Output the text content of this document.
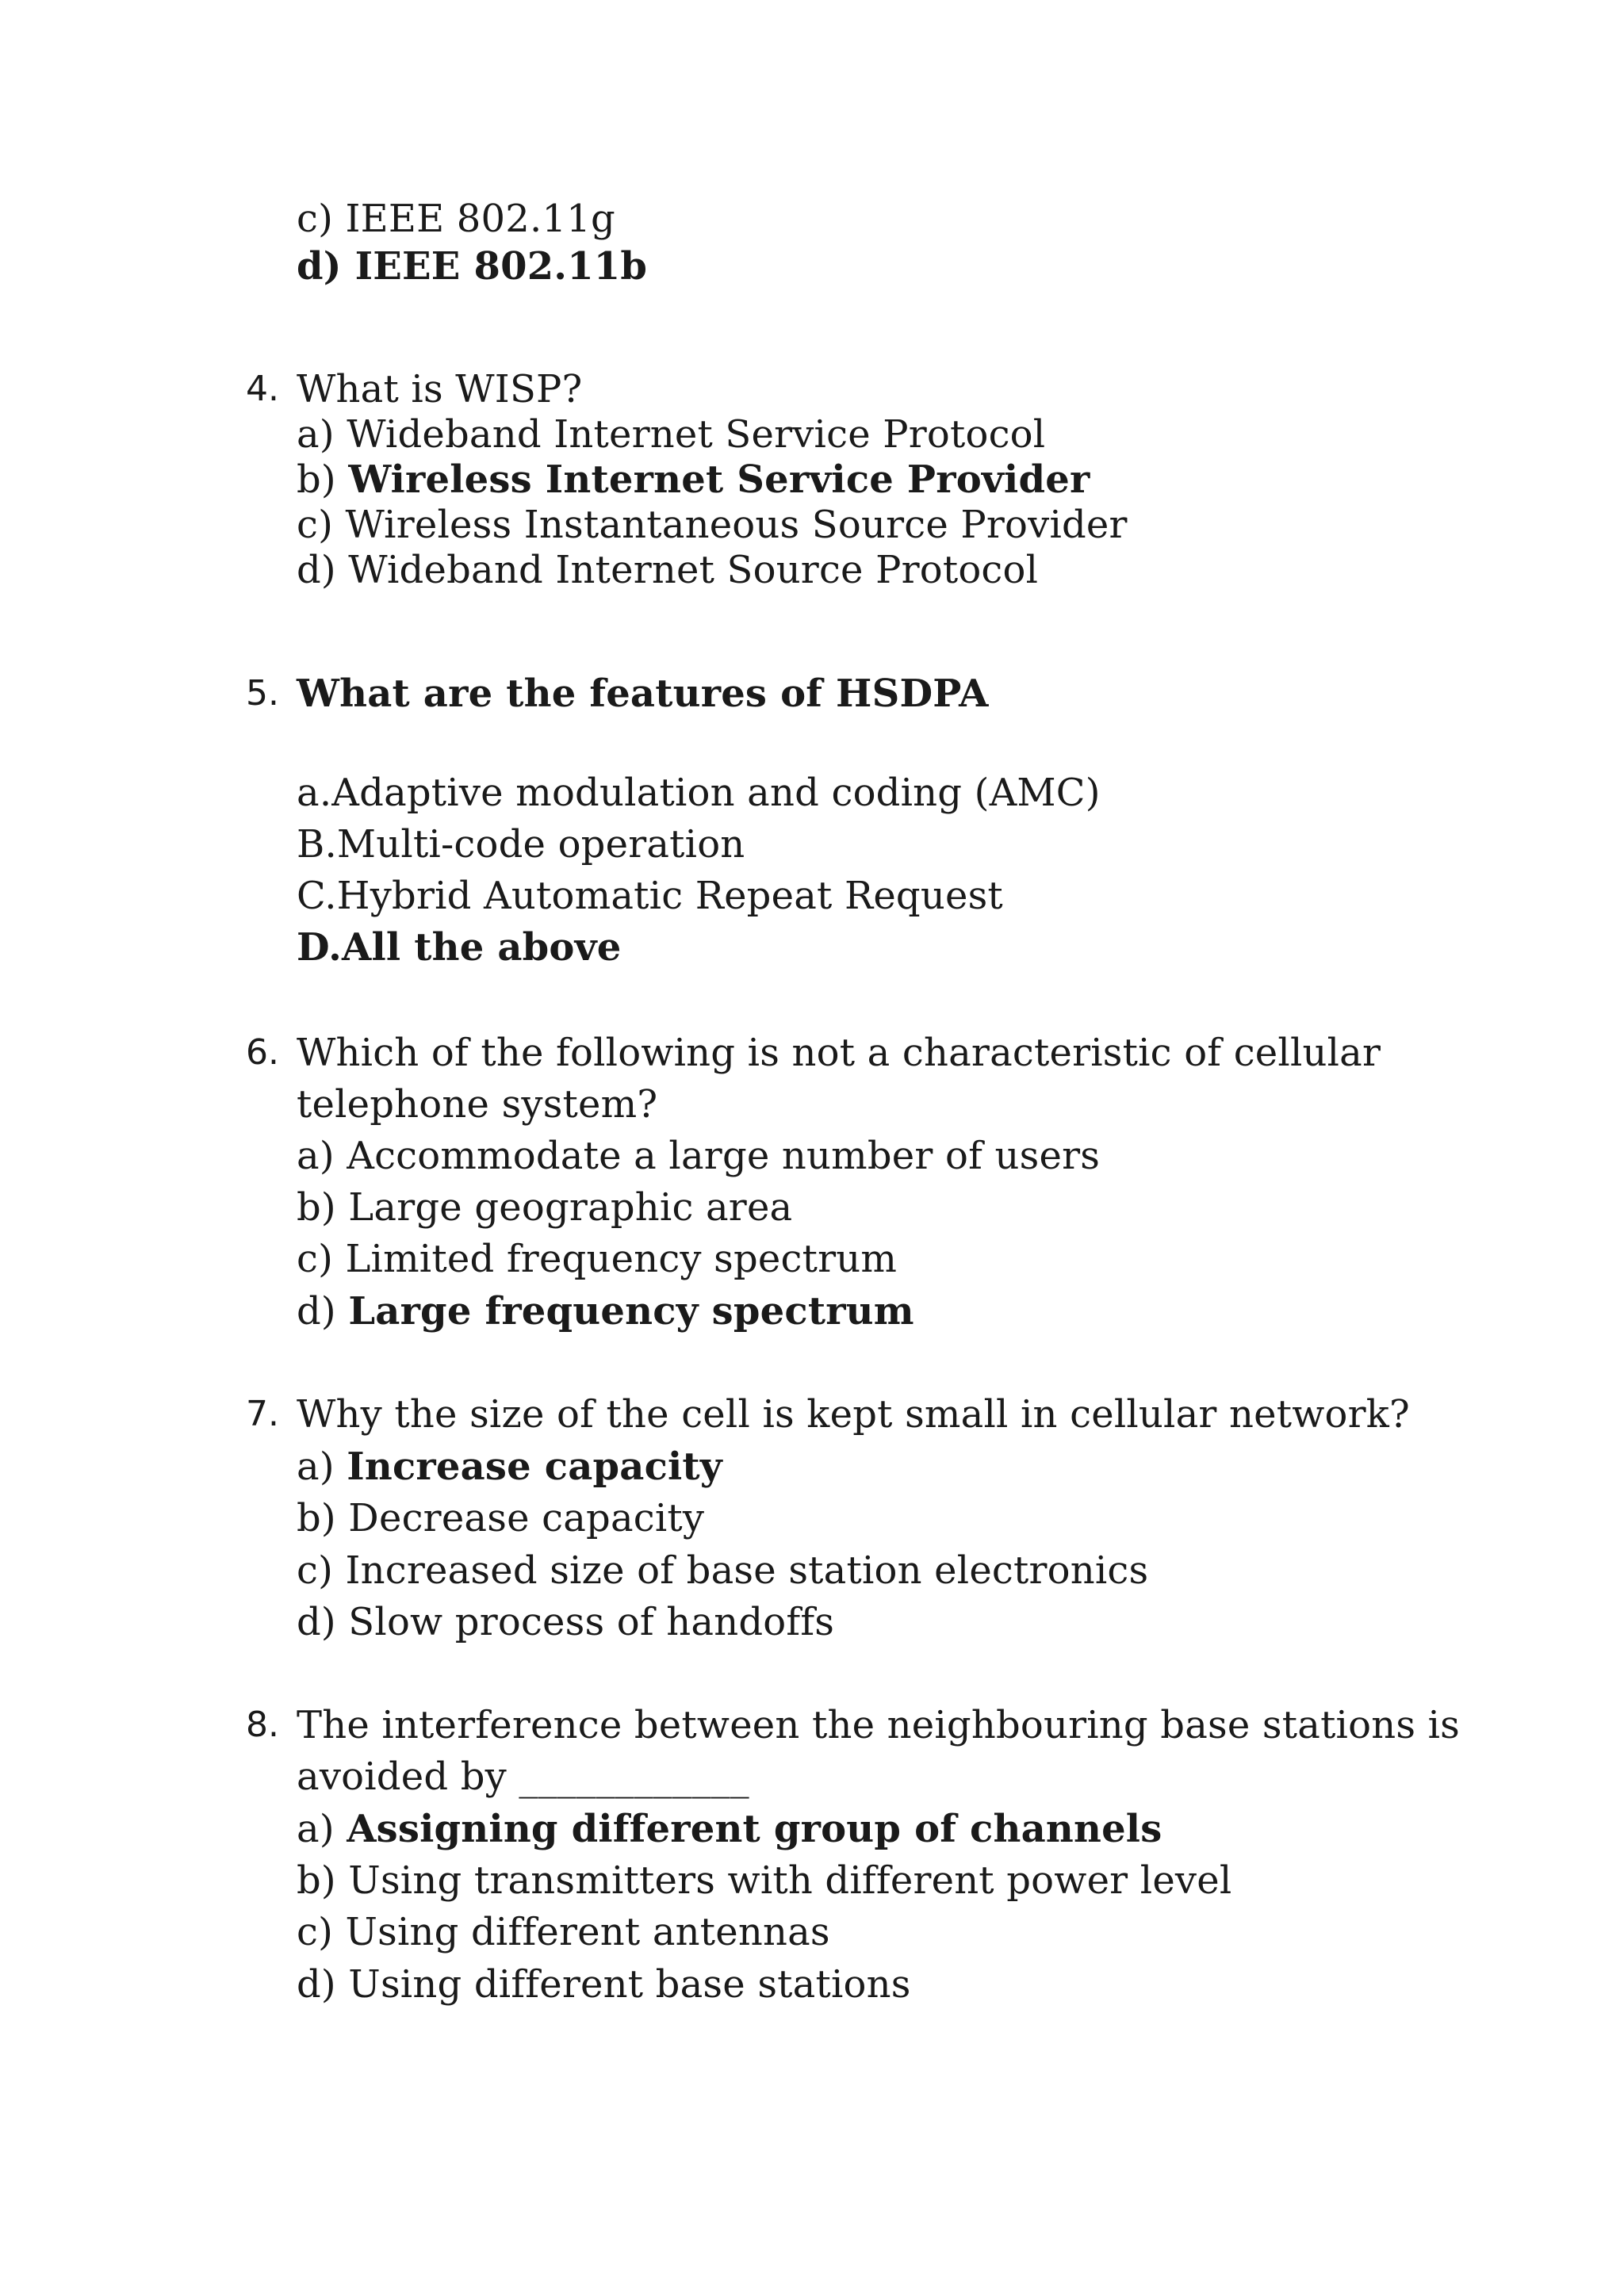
c) IEEE 802.11g
d) IEEE 802.11b
4. What is WISP?
a) Wideband Internet Service Protocol
b) Wireless Internet Service Provider
c) Wireless Instantaneous Source Provider
d) Wideband Internet Source Protocol
5. What are the features of HSDPA
a.Adaptive modulation and coding (AMC)
B.Multi-code operation
C.Hybrid Automatic Repeat Request
D.All the above
6. Which of the following is not a characteristic of cellular
telephone system?
a) Accommodate a large number of users
b) Large geographic area
c) Limited frequency spectrum
d) Large frequency spectrum
7. Why the size of the cell is kept small in cellular network?
a) Increase capacity
b) Decrease capacity
c) Increased size of base station electronics
d) Slow process of handoffs
8. The interference between the neighbouring base stations is
avoided by ____________
a) Assigning different group of channels
b) Using transmitters with different power level
c) Using different antennas
d) Using different base stations
